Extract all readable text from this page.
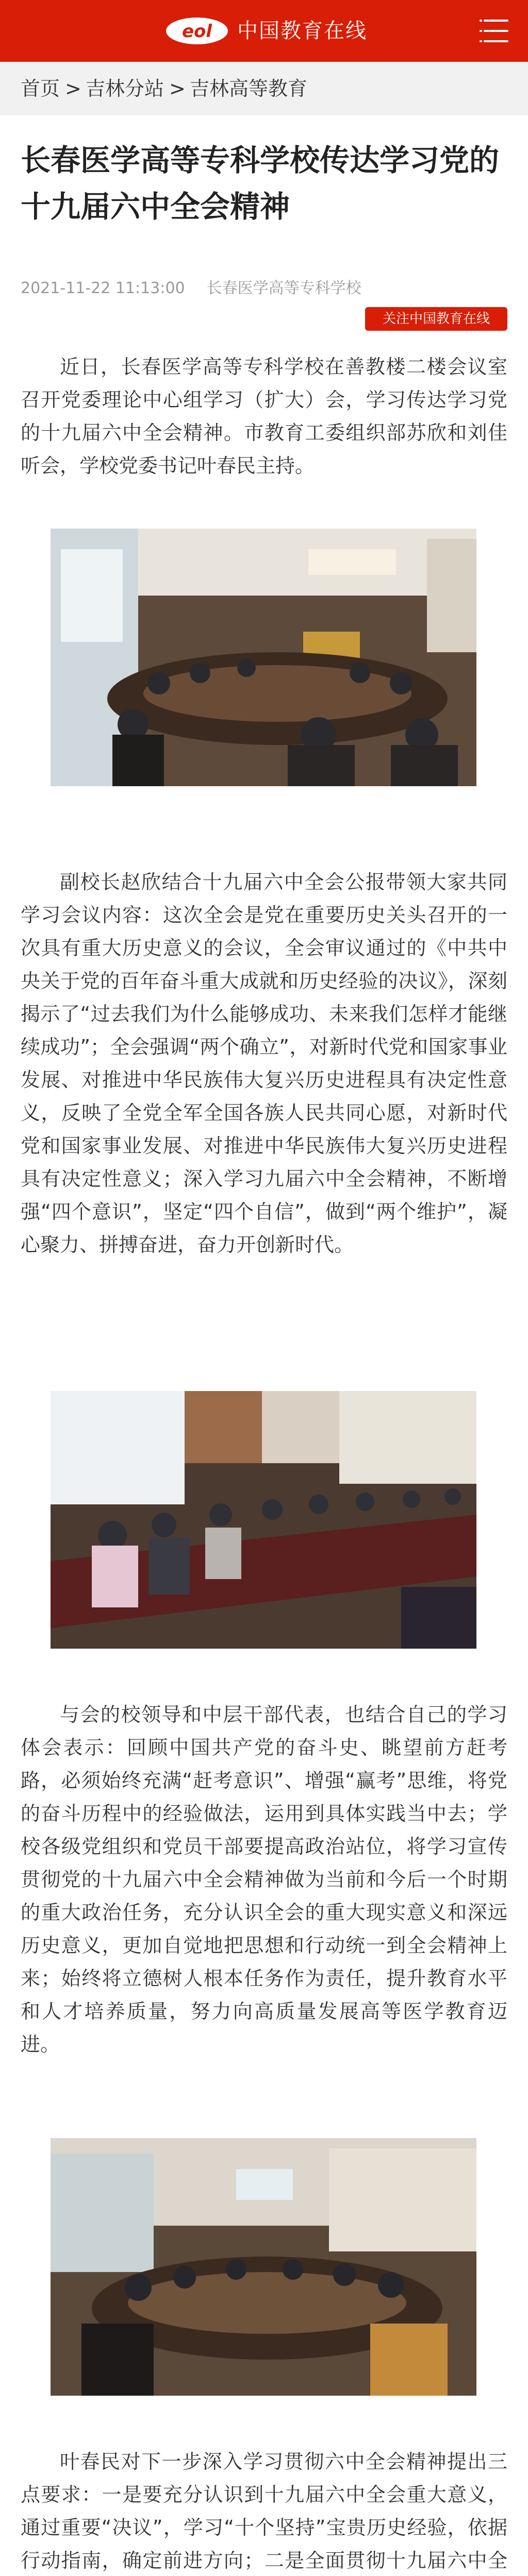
eol 中国教育在线
首页 > 吉林分站 > 吉林高等教育
长春医学高等专科学校传达学习党的十九届六中全会精神
2021-11-22 11:13:00 长春医学高等专科学校
关注中国教育在线

近日，长春医学高等专科学校在善教楼二楼会议室召开党委理论中心组学习（扩大）会，学习传达学习党的十九届六中全会精神。市教育工委组织部苏欣和刘佳听会，学校党委书记叶春民主持。

副校长赵欣结合十九届六中全会公报带领大家共同学习会议内容：这次全会是党在重要历史关头召开的一次具有重大历史意义的会议，全会审议通过的《中共中央关于党的百年奋斗重大成就和历史经验的决议》，深刻揭示了“过去我们为什么能够成功、未来我们怎样才能继续成功”；全会强调“两个确立”，对新时代党和国家事业发展、对推进中华民族伟大复兴历史进程具有决定性意义，反映了全党全军全国各族人民共同心愿，对新时代党和国家事业发展、对推进中华民族伟大复兴历史进程具有决定性意义；深入学习九届六中全会精神，不断增强“四个意识”，坚定“四个自信”，做到“两个维护”，凝心聚力、拼搏奋进，奋力开创新时代。

与会的校领导和中层干部代表，也结合自己的学习体会表示：回顾中国共产党的奋斗史、眺望前方赶考路，必须始终充满“赶考意识”、增强“赢考”思维，将党的奋斗历程中的经验做法，运用到具体实践当中去；学校各级党组织和党员干部要提高政治站位，将学习宣传贯彻党的十九届六中全会精神做为当前和今后一个时期的重大政治任务，充分认识全会的重大现实意义和深远历史意义，更加自觉地把思想和行动统一到全会精神上来；始终将立德树人根本任务作为责任，提升教育水平和人才培养质量，努力向高质量发展高等医学教育迈进。

叶春民对下一步深入学习贯彻六中全会精神提出三点要求：一是要充分认识到十九届六中全会重大意义，通过重要“决议”，学习“十个坚持”宝贵历史经验，依据行动指南，确定前进方向；二是全面贯彻十九届六中全
